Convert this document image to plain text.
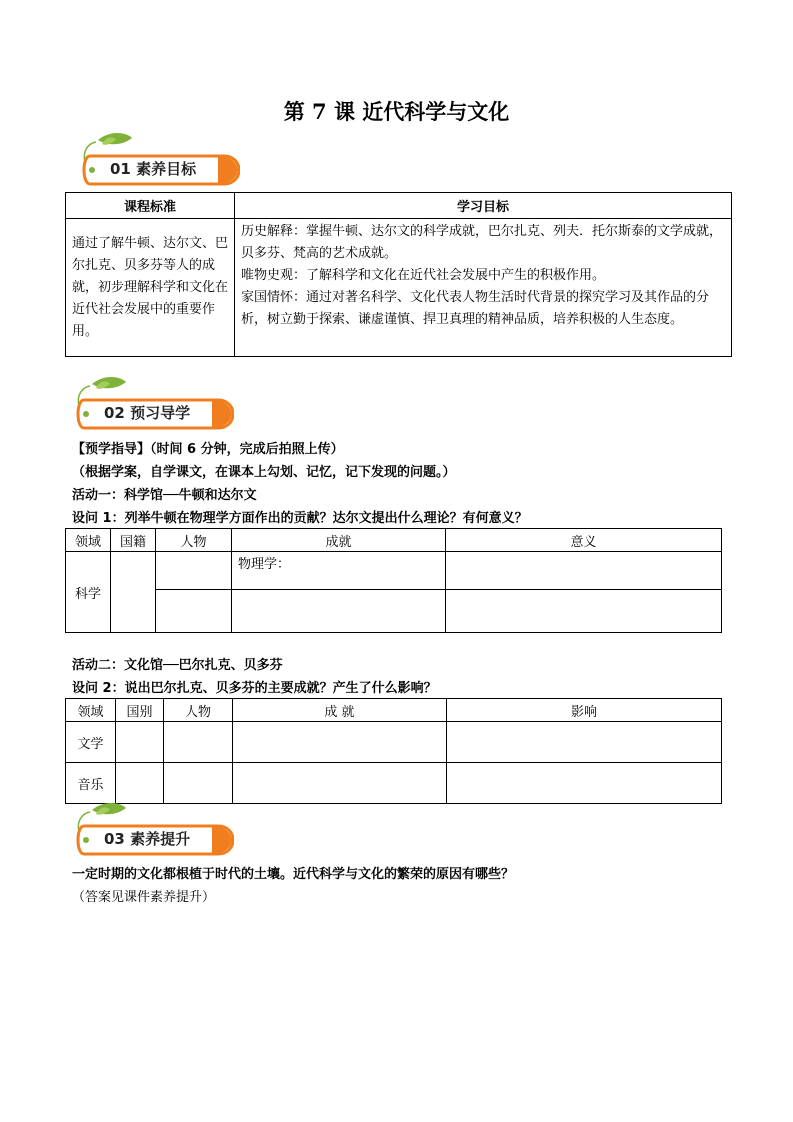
第 7 课 近代科学与文化
01 素养目标
课程标准	学习目标
通过了解牛顿、达尔文、巴尔扎克、贝多芬等人的成就，初步理解科学和文化在近代社会发展中的重要作用。	历史解释：掌握牛顿、达尔文的科学成就，巴尔扎克、列夫．托尔斯泰的文学成就，贝多芬、梵高的艺术成就。
唯物史观：了解科学和文化在近代社会发展中产生的积极作用。
家国情怀：通过对著名科学、文化代表人物生活时代背景的探究学习及其作品的分析，树立勤于探索、谦虚谨慎、捍卫真理的精神品质，培养积极的人生态度。
02 预习导学
【预学指导】（时间 6 分钟，完成后拍照上传）
（根据学案，自学课文，在课本上勾划、记忆，记下发现的问题。）
活动一：科学馆──牛顿和达尔文
设问 1：列举牛顿在物理学方面作出的贡献？达尔文提出什么理论？有何意义？
领域	国籍	人物	成就	意义
科学			物理学：	

活动二：文化馆──巴尔扎克、贝多芬
设问 2：说出巴尔扎克、贝多芬的主要成就？产生了什么影响？
领域	国别	人物	成 就	影响
文学				
音乐				
03 素养提升
一定时期的文化都根植于时代的土壤。近代科学与文化的繁荣的原因有哪些？
（答案见课件素养提升）
